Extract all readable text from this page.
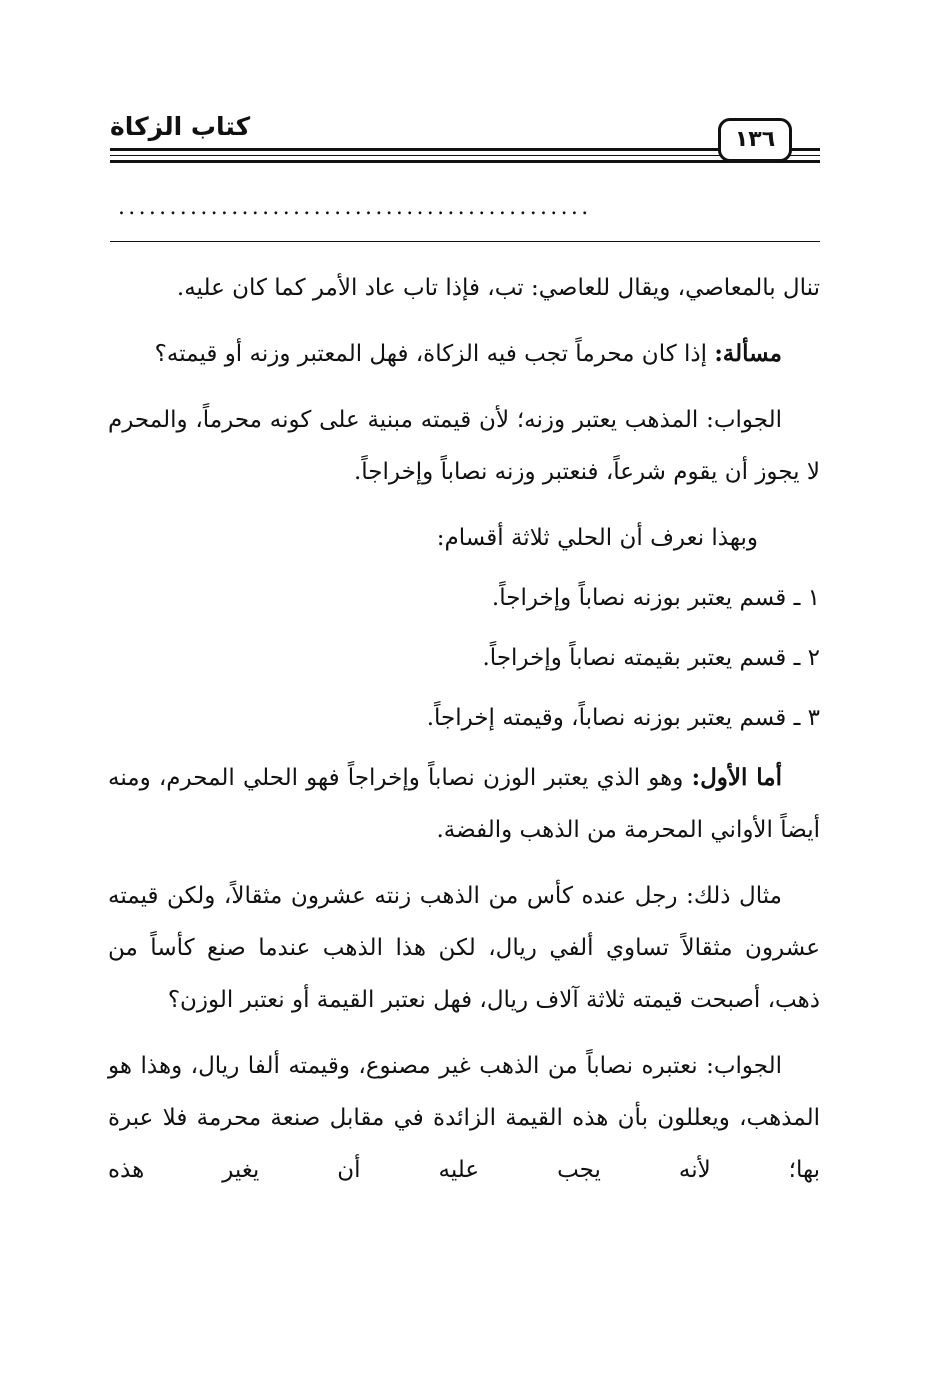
كتاب الزكاة	١٣٦
..............................................

تنال بالمعاصي، ويقال للعاصي: تب، فإذا تاب عاد الأمر كما كان عليه.

مسألة: إذا كان محرماً تجب فيه الزكاة، فهل المعتبر وزنه أو قيمته؟

الجواب: المذهب يعتبر وزنه؛ لأن قيمته مبنية على كونه محرماً، والمحرم لا يجوز أن يقوم شرعاً، فنعتبر وزنه نصاباً وإخراجاً.

وبهذا نعرف أن الحلي ثلاثة أقسام:

١ ـ قسم يعتبر بوزنه نصاباً وإخراجاً.

٢ ـ قسم يعتبر بقيمته نصاباً وإخراجاً.

٣ ـ قسم يعتبر بوزنه نصاباً، وقيمته إخراجاً.

أما الأول: وهو الذي يعتبر الوزن نصاباً وإخراجاً فهو الحلي المحرم، ومنه أيضاً الأواني المحرمة من الذهب والفضة.

مثال ذلك: رجل عنده كأس من الذهب زنته عشرون مثقالاً، ولكن قيمته عشرون مثقالاً تساوي ألفي ريال، لكن هذا الذهب عندما صنع كأساً من ذهب، أصبحت قيمته ثلاثة آلاف ريال، فهل نعتبر القيمة أو نعتبر الوزن؟

الجواب: نعتبره نصاباً من الذهب غير مصنوع، وقيمته ألفا ريال، وهذا هو المذهب، ويعللون بأن هذه القيمة الزائدة في مقابل صنعة محرمة فلا عبرة بها؛ لأنه يجب عليه أن يغير هذه
